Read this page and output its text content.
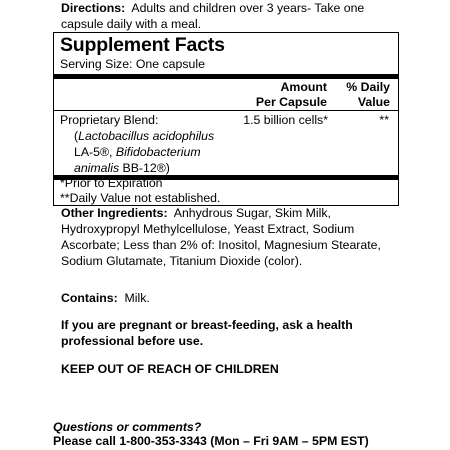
Directions: Adults and children over 3 years- Take one
capsule daily with a meal.
Supplement Facts
Serving Size: One capsule
Amount
Per Capsule
% Daily
Value
Proprietary Blend:
(Lactobacillus acidophilus
LA-5®, Bifidobacterium
animalis BB-12®)
1.5 billion cells*	**
*Prior to Expiration
**Daily Value not established.
Other Ingredients: Anhydrous Sugar, Skim Milk,
Hydroxypropyl Methylcellulose, Yeast Extract, Sodium
Ascorbate; Less than 2% of: Inositol, Magnesium Stearate,
Sodium Glutamate, Titanium Dioxide (color).
Contains: Milk.
If you are pregnant or breast-feeding, ask a health
professional before use.
KEEP OUT OF REACH OF CHILDREN
Questions or comments?
Please call 1-800-353-3343 (Mon – Fri 9AM – 5PM EST)
